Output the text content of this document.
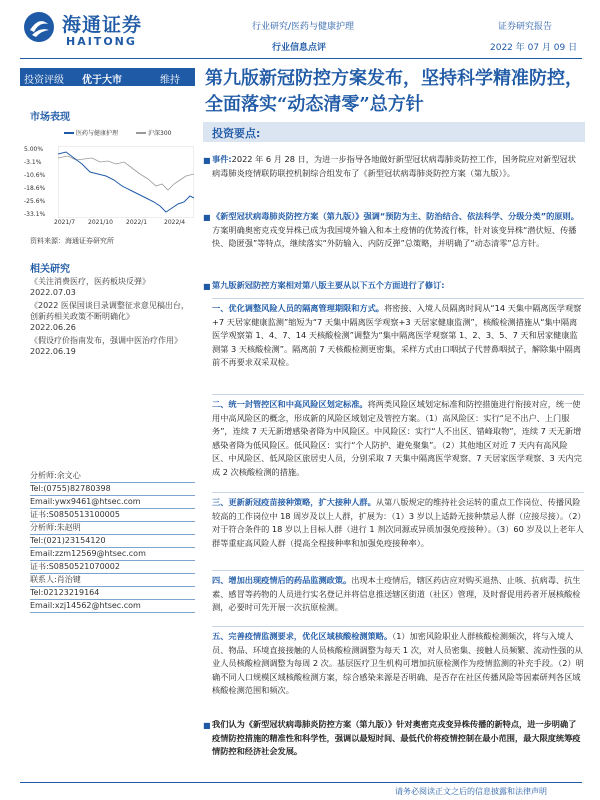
海通证券
HAITONG
行业研究/医药与健康护理
行业信息点评
证券研究报告
2022 年 07 月 09 日
投资评级 优于大市	维持
市场表现
医药与健康护理	沪深300
5.00%
-3.1%
-10.6%
-18.6%
-25.6%
-33.1%
2021/7 2021/10 2022/1	2022/4
资料来源：海通证券研究所
相关研究
《关注消费医疗，医药板块反弹》
2022.07.03
《2022 医保国谈目录调整征求意见稿出台，创新药相关政策不断明确化》
2022.06.26
《假设疗价指南发布，强调中医治疗作用》
2022.06.19
分析师:余文心
Tel:(0755)82780398
Email:ywx9461@htsec.com
证书:S0850513100005
分析师:朱赵明
Tel:(021)23154120
Email:zzm12569@htsec.com
证书:S0850521070002
联系人:肖治键
Tel:02123219164
Email:xzj14562@htsec.com
第九版新冠防控方案发布，坚持科学精准防控，全面落实“动态清零”总方针
投资要点:
■ 事件:2022 年 6 月 28 日，为进一步指导各地做好新型冠状病毒肺炎防控工作，国务院应对新型冠状病毒肺炎疫情联防联控机制综合组发布了《新型冠状病毒肺炎防控方案（第九版）》。
■ 《新型冠状病毒肺炎防控方案（第九版）》强调“预防为主、防治结合、依法科学、分级分类”的原则。方案明确奥密克戎变异株已成为我国境外输入和本土疫情的优势流行株，针对该变异株“潜伏短、传播快、隐匿强”等特点，继续落实“外防输入、内防反弹”总策略，并明确了“动态清零”总方针。
■ 第九版新冠防控方案相对第八版主要从以下五个方面进行了修订:
一、优化调整风险人员的隔离管理期限和方式。将密接、入境人员隔离时间从“14 天集中隔离医学观察+7 天居家健康监测”缩短为“7 天集中隔离医学观察+3 天居家健康监测”，核酸检测措施从“集中隔离医学观察第 1、4、7、14 天核酸检测”调整为“集中隔离医学观察第 1、2、3、5、7 天和居家健康监测第 3 天核酸检测”。隔离前 7 天核酸检测更密集，采样方式由口咽拭子代替鼻咽拭子，解除集中隔离前不再要求双采双检。
二、统一封管控区和中高风险区划定标准。将两类风险区域划定标准和防控措施进行衔接对应，统一使用中高风险区的概念，形成新的风险区域划定及管控方案。（1）高风险区：实行“足不出户、上门服务”，连续 7 天无新增感染者降为中风险区。中风险区：实行“人不出区、错峰取物”，连续 7 天无新增感染者降为低风险区。低风险区：实行“个人防护、避免聚集”。（2）其他地区对近 7 天内有高风险区、中风险区、低风险区旅居史人员，分别采取 7 天集中隔离医学观察、7 天居家医学观察、3 天内完成 2 次核酸检测的措施。
三、更新新冠疫苗接种策略，扩大接种人群。从第八版规定的维持社会运转的重点工作岗位、传播风险较高的工作岗位中 18 周岁及以上人群，扩展为：（1）3 岁以上适龄无接种禁忌人群（应接尽接）。（2）对于符合条件的 18 岁以上目标人群（进行 1 剂次同源或异质加强免疫接种）。（3）60 岁及以上老年人群等重症高风险人群（提高全程接种率和加强免疫接种率）。
四、增加出现疫情后的药品监测政策。出现本土疫情后，辖区药店应对购买退热、止咳、抗病毒、抗生素、感冒等药物的人员进行实名登记并将信息推送辖区街道（社区）管理，及时督促用药者开展核酸检测，必要时可先开展一次抗原检测。
五、完善疫情监测要求，优化区域核酸检测策略。（1）加密风险职业人群核酸检测频次，将与入境人员、物品、环境直接接触的人员核酸检测调整为每天 1 次，对人员密集、接触人员频繁、流动性强的从业人员核酸检测调整为每周 2 次。基层医疗卫生机构可增加抗原检测作为疫情监测的补充手段。（2）明确不同人口规模区域核酸检测方案，综合感染来源是否明确、是否存在社区传播风险等因素研判各区域核酸检测范围和频次。
■ 我们认为《新型冠状病毒肺炎防控方案（第九版）》针对奥密克戎变异株传播的新特点，进一步明确了疫情防控措施的精准性和科学性，强调以最短时间、最低代价将疫情控制在最小范围，最大限度统筹疫情防控和经济社会发展。
请务必阅读正文之后的信息披露和法律声明
